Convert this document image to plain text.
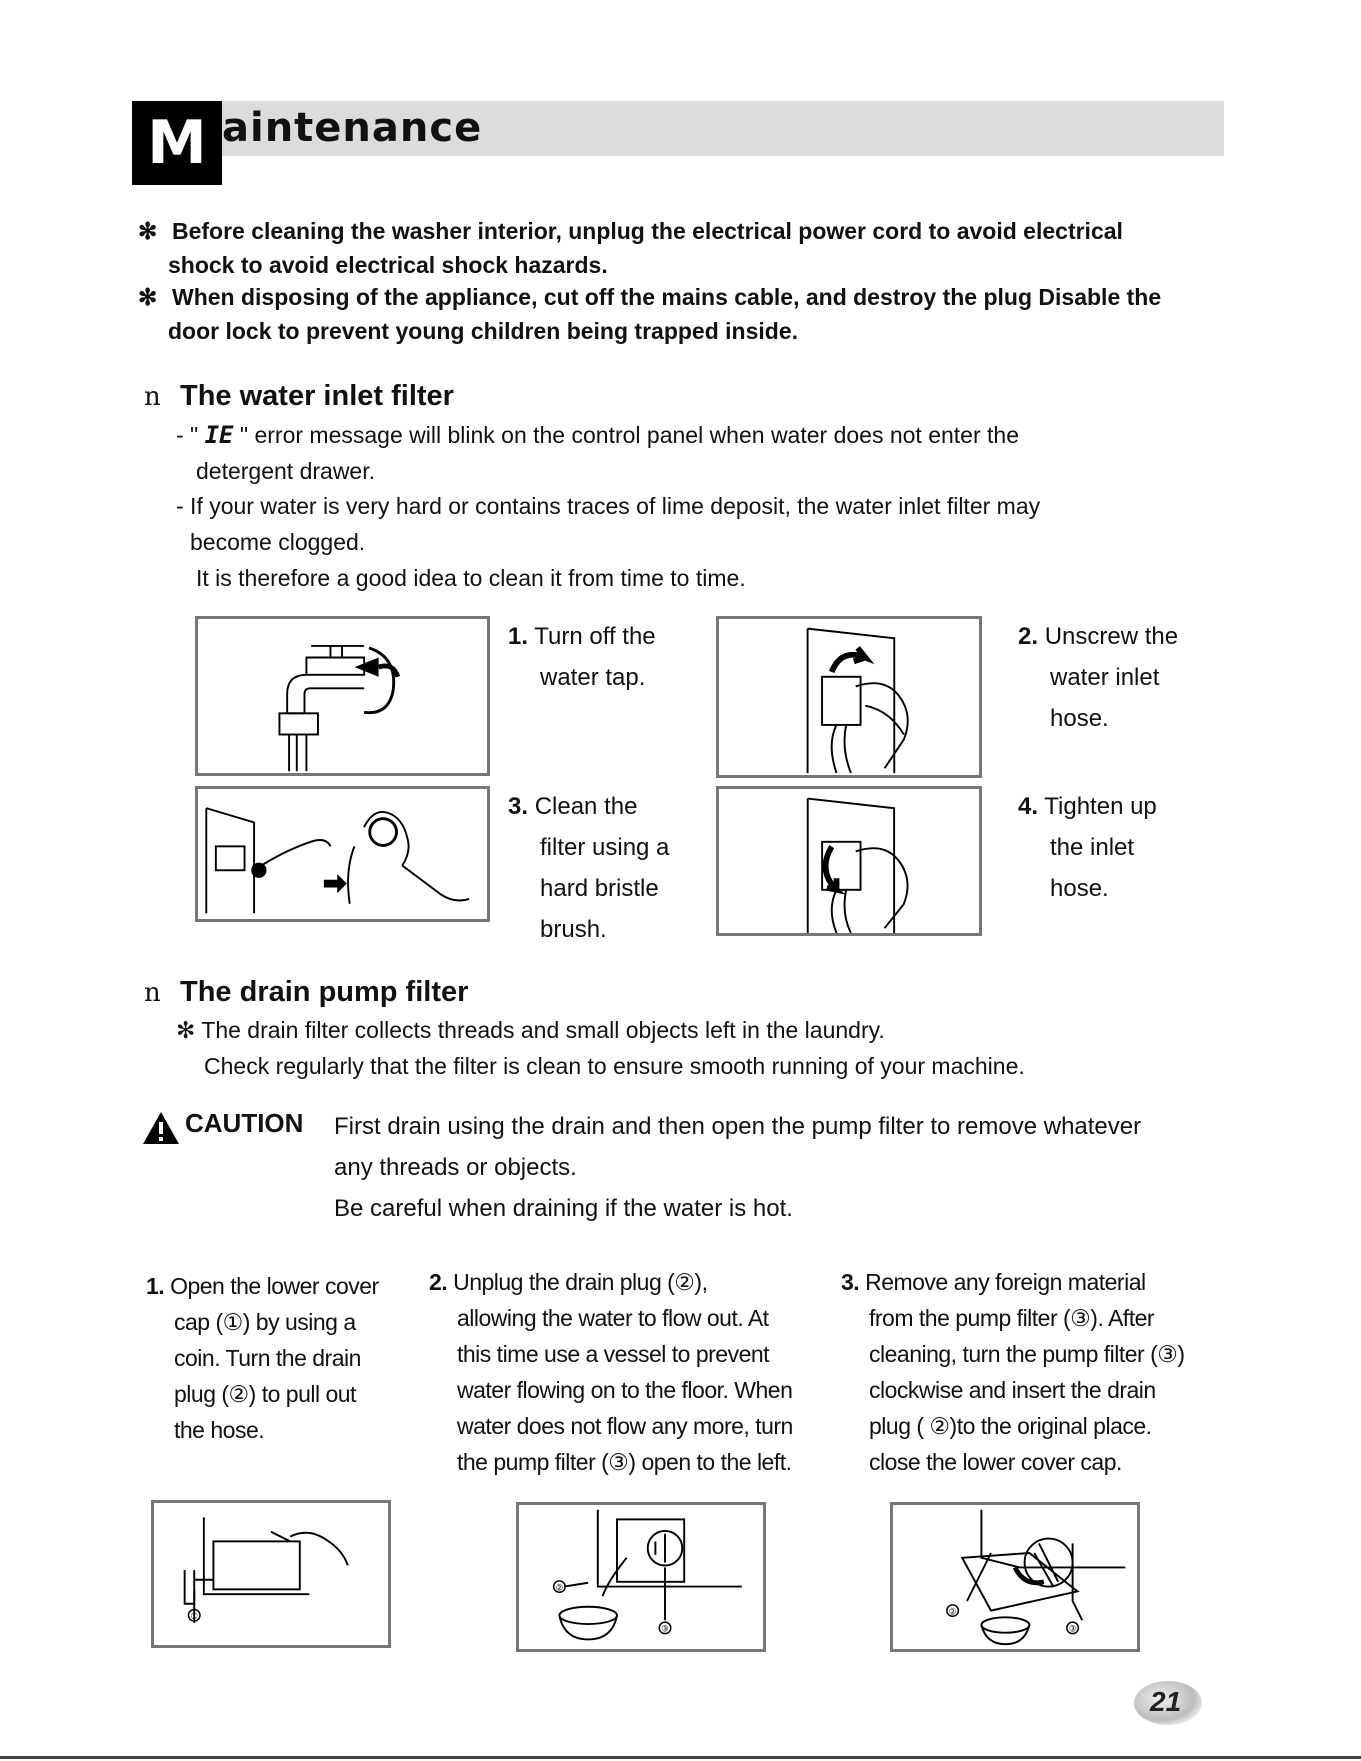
M aintenance
✻ Before cleaning the washer interior, unplug the electrical power cord to avoid electrical
shock to avoid electrical shock hazards.
✻ When disposing of the appliance, cut off the mains cable, and destroy the plug Disable the
door lock to prevent young children being trapped inside.
n The water inlet filter
- " IE " error message will blink on the control panel when water does not enter the
detergent drawer.
- If your water is very hard or contains traces of lime deposit, the water inlet filter may
become clogged.
It is therefore a good idea to clean it from time to time.
1. Turn off the
water tap.
2. Unscrew the
water inlet
hose.
3. Clean the
filter using a
hard bristle
brush.
4. Tighten up
the inlet
hose.
n The drain pump filter
✻ The drain filter collects threads and small objects left in the laundry.
Check regularly that the filter is clean to ensure smooth running of your machine.
CAUTION First drain using the drain and then open the pump filter to remove whatever
any threads or objects.
Be careful when draining if the water is hot.
1. Open the lower cover
cap (①) by using a
coin. Turn the drain
plug (②) to pull out
the hose.
2. Unplug the drain plug (②),
allowing the water to flow out. At
this time use a vessel to prevent
water flowing on to the floor. When
water does not flow any more, turn
the pump filter (③) open to the left.
3. Remove any foreign material
from the pump filter (③). After
cleaning, turn the pump filter (③)
clockwise and insert the drain
plug ( ②)to the original place.
close the lower cover cap.
①
②
③
②
③
21
